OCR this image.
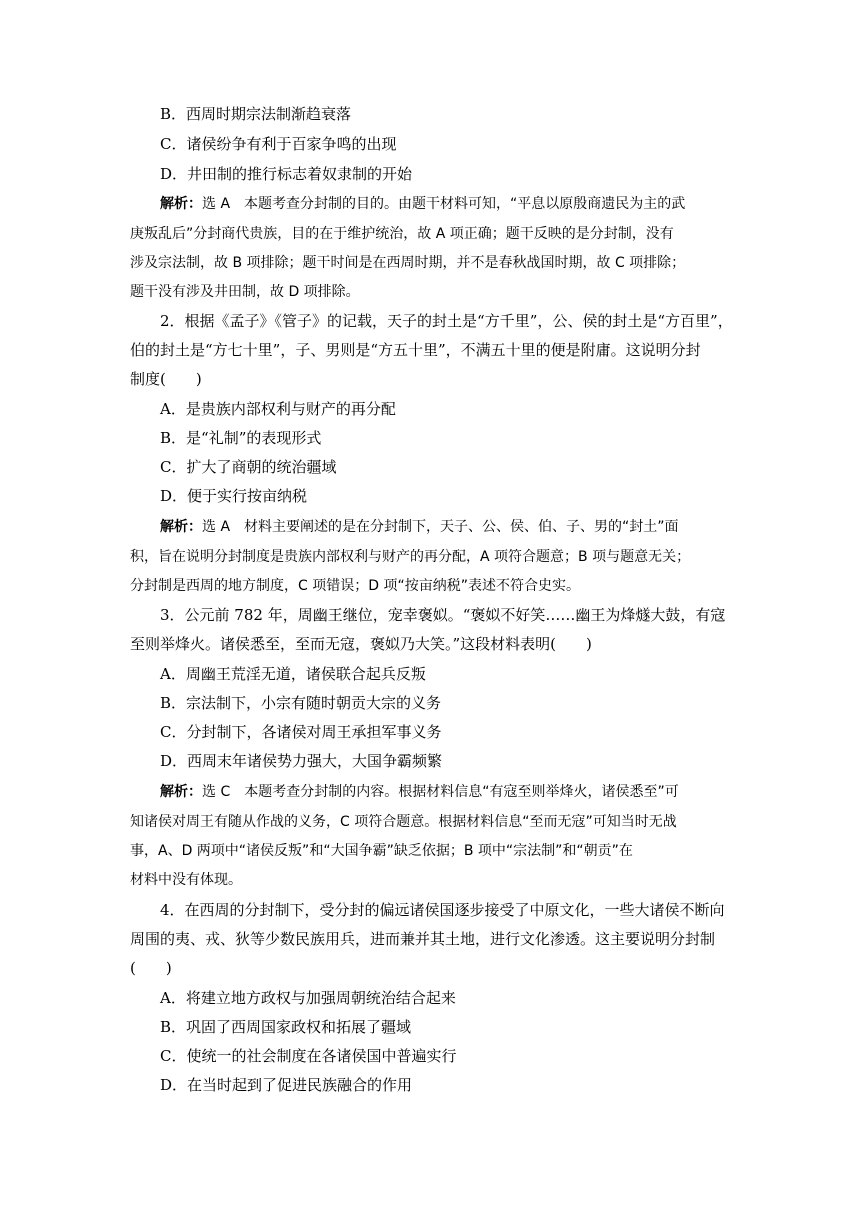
B．西周时期宗法制渐趋衰落
C．诸侯纷争有利于百家争鸣的出现
D．井田制的推行标志着奴隶制的开始
解析：选 A　本题考查分封制的目的。由题干材料可知，“平息以原殷商遗民为主的武
庚叛乱后”分封商代贵族，目的在于维护统治，故 A 项正确；题干反映的是分封制，没有
涉及宗法制，故 B 项排除；题干时间是在西周时期，并不是春秋战国时期，故 C 项排除；
题干没有涉及井田制，故 D 项排除。
2．根据《孟子》《管子》的记载，天子的封土是“方千里”，公、侯的封土是“方百里”，
伯的封土是“方七十里”，子、男则是“方五十里”，不满五十里的便是附庸。这说明分封
制度(　　)
A．是贵族内部权利与财产的再分配
B．是“礼制”的表现形式
C．扩大了商朝的统治疆域
D．便于实行按亩纳税
解析：选 A　材料主要阐述的是在分封制下，天子、公、侯、伯、子、男的“封土”面
积，旨在说明分封制度是贵族内部权利与财产的再分配，A 项符合题意；B 项与题意无关；
分封制是西周的地方制度，C 项错误；D 项“按亩纳税”表述不符合史实。
3．公元前 782 年，周幽王继位，宠幸褒姒。“褒姒不好笑……幽王为烽燧大鼓，有寇
至则举烽火。诸侯悉至，至而无寇，褒姒乃大笑。”这段材料表明(　　)
A．周幽王荒淫无道，诸侯联合起兵反叛
B．宗法制下，小宗有随时朝贡大宗的义务
C．分封制下，各诸侯对周王承担军事义务
D．西周末年诸侯势力强大，大国争霸频繁
解析：选 C　本题考查分封制的内容。根据材料信息“有寇至则举烽火，诸侯悉至”可
知诸侯对周王有随从作战的义务，C 项符合题意。根据材料信息“至而无寇”可知当时无战
事，A、D 两项中“诸侯反叛”和“大国争霸”缺乏依据；B 项中“宗法制”和“朝贡”在
材料中没有体现。
4．在西周的分封制下，受分封的偏远诸侯国逐步接受了中原文化，一些大诸侯不断向
周围的夷、戎、狄等少数民族用兵，进而兼并其土地，进行文化渗透。这主要说明分封制
(　　)
A．将建立地方政权与加强周朝统治结合起来
B．巩固了西周国家政权和拓展了疆域
C．使统一的社会制度在各诸侯国中普遍实行
D．在当时起到了促进民族融合的作用
